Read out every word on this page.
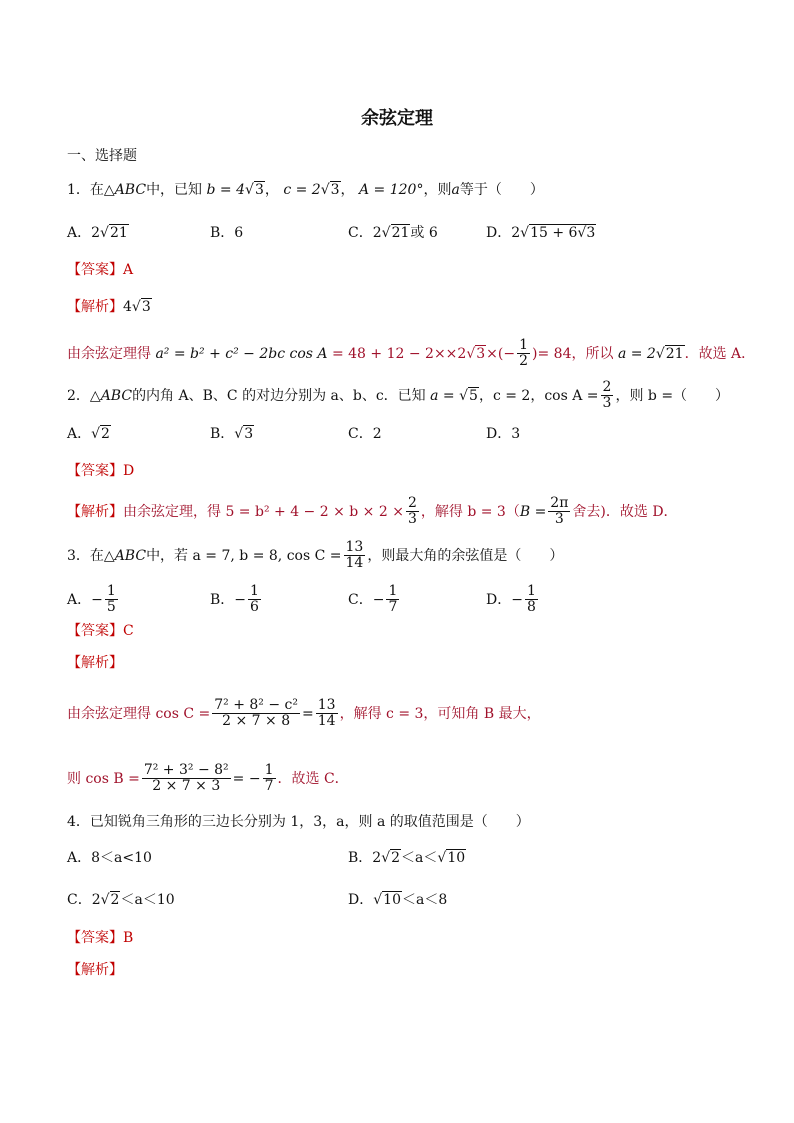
余弦定理
一、选择题
1．在△ABC中，已知 b = 4√3， c = 2√3， A = 120°，则a等于（　　）
A．2√21	B．6	C．2√21或 6	D．2√15 + 6√3
【答案】A
【解析】4√3
由余弦定理得 a² = b² + c² − 2bc $\cos A = 48 + 12 - 2\times\times 2√3\times(- \frac{1}{2}$ )= 84，所以 a = 2√21．故选 A．
2．△ABC的内角 A、B、C 的对边分别为 a、b、c．已知 a = √5，c = 2，$\cos A = \frac{2}{3}$ ，则 b =（　　）
A．√2	B．√3	C．2	D．3
【答案】D
【解析】由余弦定理，得 $5 = b^2 + 4 - 2 \times b \times 2 \times \frac{2}{3}$ ，解得 $b = 3(B = \frac{2\pi}{3}$ 舍去)．故选 D．
3．在△ABC中，若 a = 7, b = 8, $\cos C = \frac{13}{14}$ ，则最大角的余弦值是（　　）
A．− $\frac{1}{5}$	B．− $\frac{1}{6}$	C．− $\frac{1}{7}$	D．− $\frac{1}{8}$
【答案】C
【解析】
由余弦定理得 $\cos C = \frac{\text{7² + 8² − c²}}{2 \times 7 \times 8} = \frac{13}{14}$ ，解得 c = 3，可知角 B 最大，
则 $\cos B = \frac{\text{7² + 3² − 8²}}{2 \times 7 \times 3}$ = − $\frac{1}{7}$ ．故选 C．
4．已知锐角三角形的三边长分别为 1，3，a，则 a 的取值范围是（　　）
A．8＜a<10	B．2√2＜a＜√10
C．2√2＜a＜10	D．√10＜a＜8
【答案】B
【解析】
